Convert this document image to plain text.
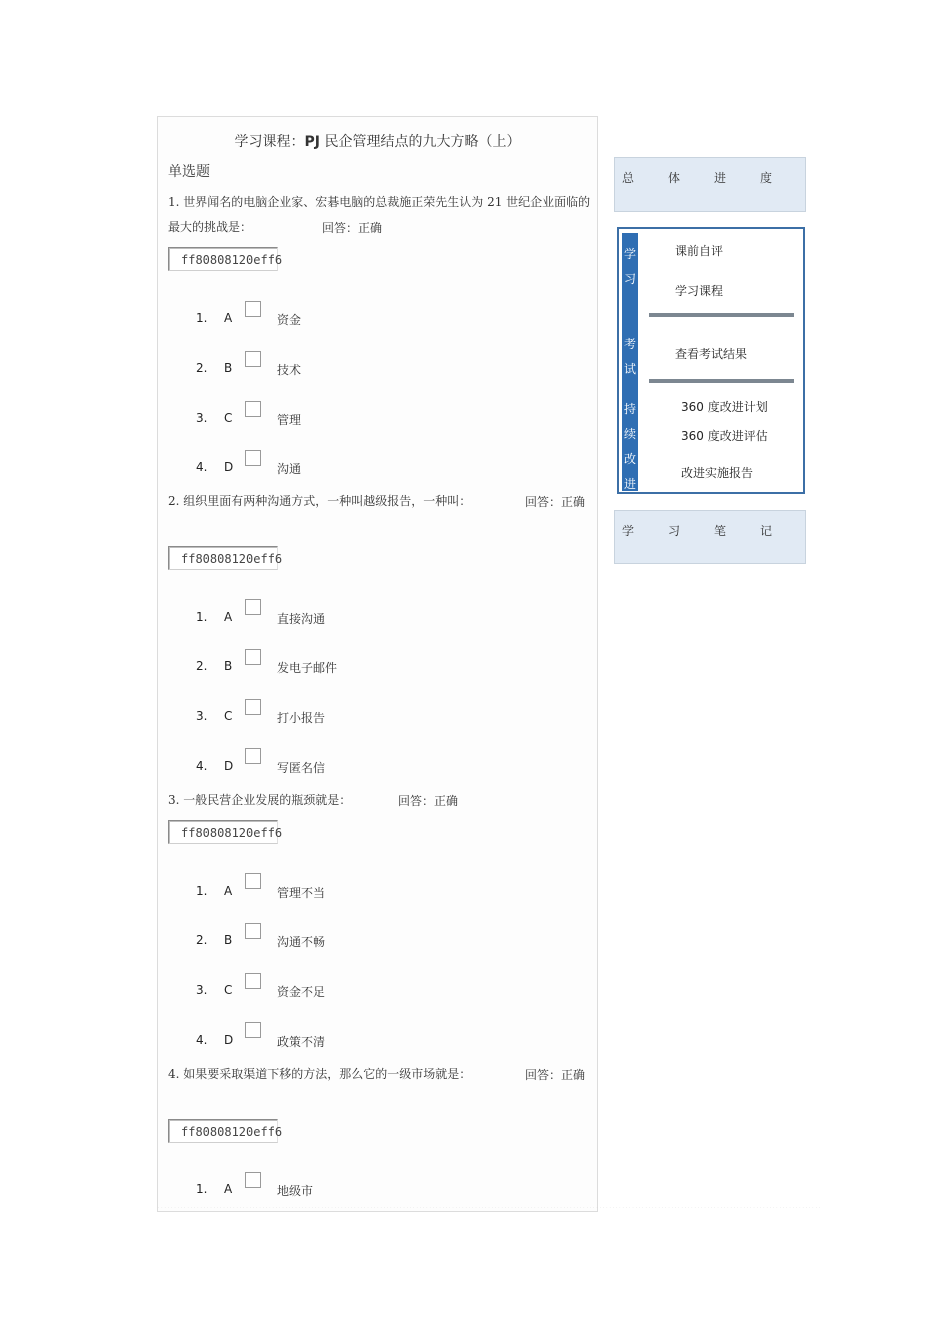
学习课程：PJ 民企管理结点的九大方略（上）
单选题
1. 世界闻名的电脑企业家、宏碁电脑的总裁施正荣先生认为 21 世纪企业面临的最大的挑战是：	回答：正确
ff80808120eff6
1.	A	资金
2.	B	技术
3.	C	管理
4.	D	沟通
2. 组织里面有两种沟通方式，一种叫越级报告，一种叫：	回答：正确
ff80808120eff6
1.	A	直接沟通
2.	B	发电子邮件
3.	C	打小报告
4.	D	写匿名信
3. 一般民营企业发展的瓶颈就是：	回答：正确
ff80808120eff6
1.	A	管理不当
2.	B	沟通不畅
3.	C	资金不足
4.	D	政策不清
4. 如果要采取渠道下移的方法，那么它的一级市场就是：	回答：正确
ff80808120eff6
1.	A	地级市
···········································································································································································································
总	体	进	度
学
习
考
试
持
续
改
进
课前自评
学习课程
查看考试结果
360 度改进计划
360 度改进评估
改进实施报告
学	习	笔	记
